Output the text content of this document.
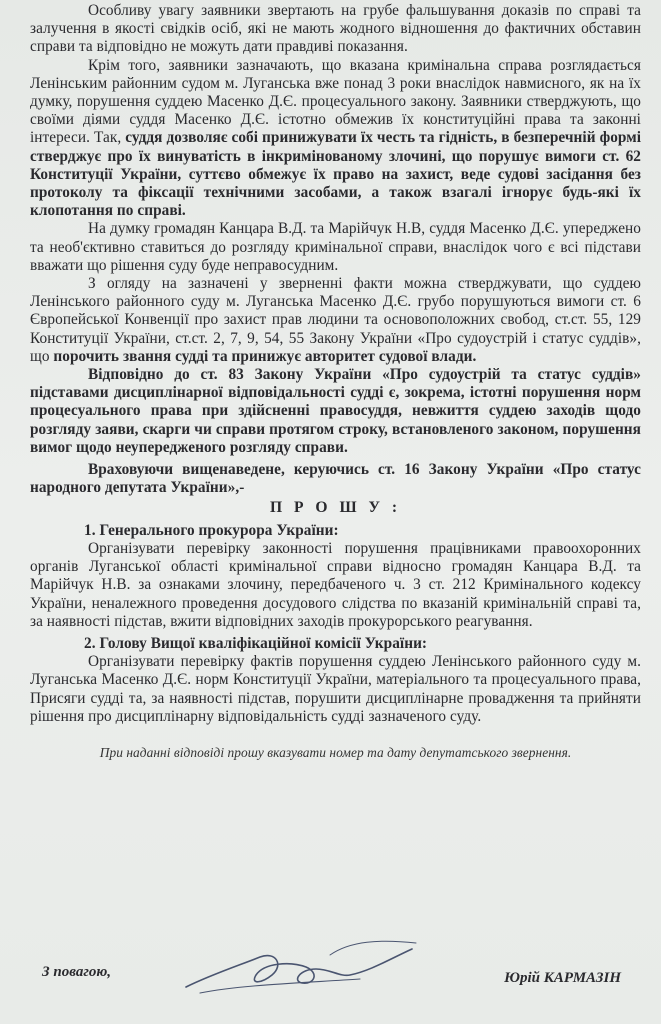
Особливу увагу заявники звертають на грубе фальшування доказів по справі та залучення в якості свідків осіб, які не мають жодного відношення до фактичних обставин справи та відповідно не можуть дати правдиві показання.

Крім того, заявники зазначають, що вказана кримінальна справа розглядається Ленінським районним судом м. Луганська вже понад 3 роки внаслідок навмисного, як на їх думку, порушення суддею Масенко Д.Є. процесуального закону. Заявники стверджують, що своїми діями суддя Масенко Д.Є. істотно обмежив їх конституційні права та законні інтереси. Так, суддя дозволяє собі принижувати їх честь та гідність, в безперечній формі стверджує про їх винуватість в інкримінованому злочині, що порушує вимоги ст. 62 Конституції України, суттєво обмежує їх право на захист, веде судові засідання без протоколу та фіксації технічними засобами, а також взагалі ігнорує будь-які їх клопотання по справі.

На думку громадян Канцара В.Д. та Марійчук Н.В, суддя Масенко Д.Є. упереджено та необ'єктивно ставиться до розгляду кримінальної справи, внаслідок чого є всі підстави вважати що рішення суду буде неправосудним.

З огляду на зазначені у зверненні факти можна стверджувати, що суддею Ленінського районного суду м. Луганська Масенко Д.Є. грубо порушуються вимоги ст. 6 Європейської Конвенції про захист прав людини та основоположних свобод, ст.ст. 55, 129 Конституції України, ст.ст. 2, 7, 9, 54, 55 Закону України «Про судоустрій і статус суддів», що порочить звання судді та принижує авторитет судової влади.

Відповідно до ст. 83 Закону України «Про судоустрій та статус суддів» підставами дисциплінарної відповідальності судді є, зокрема, істотні порушення норм процесуального права при здійсненні правосуддя, невжиття суддею заходів щодо розгляду заяви, скарги чи справи протягом строку, встановленого законом, порушення вимог щодо неупередженого розгляду справи.

Враховуючи вищенаведене, керуючись ст. 16 Закону України «Про статус народного депутата України»,-

П Р О Ш У :

1. Генерального прокурора України:

Організувати перевірку законності порушення працівниками правоохоронних органів Луганської області кримінальної справи відносно громадян Канцара В.Д. та Марійчук Н.В. за ознаками злочину, передбаченого ч. 3 ст. 212 Кримінального кодексу України, неналежного проведення досудового слідства по вказаній кримінальній справі та, за наявності підстав, вжити відповідних заходів прокурорського реагування.

2. Голову Вищої кваліфікаційної комісії України:

Організувати перевірку фактів порушення суддею Ленінського районного суду м. Луганська Масенко Д.Є. норм Конституції України, матеріального та процесуального права, Присяги судді та, за наявності підстав, порушити дисциплінарне провадження та прийняти рішення про дисциплінарну відповідальність судді зазначеного суду.

При наданні відповіді прошу вказувати номер та дату депутатського звернення.

З повагою,	Юрій КАРМАЗІН
